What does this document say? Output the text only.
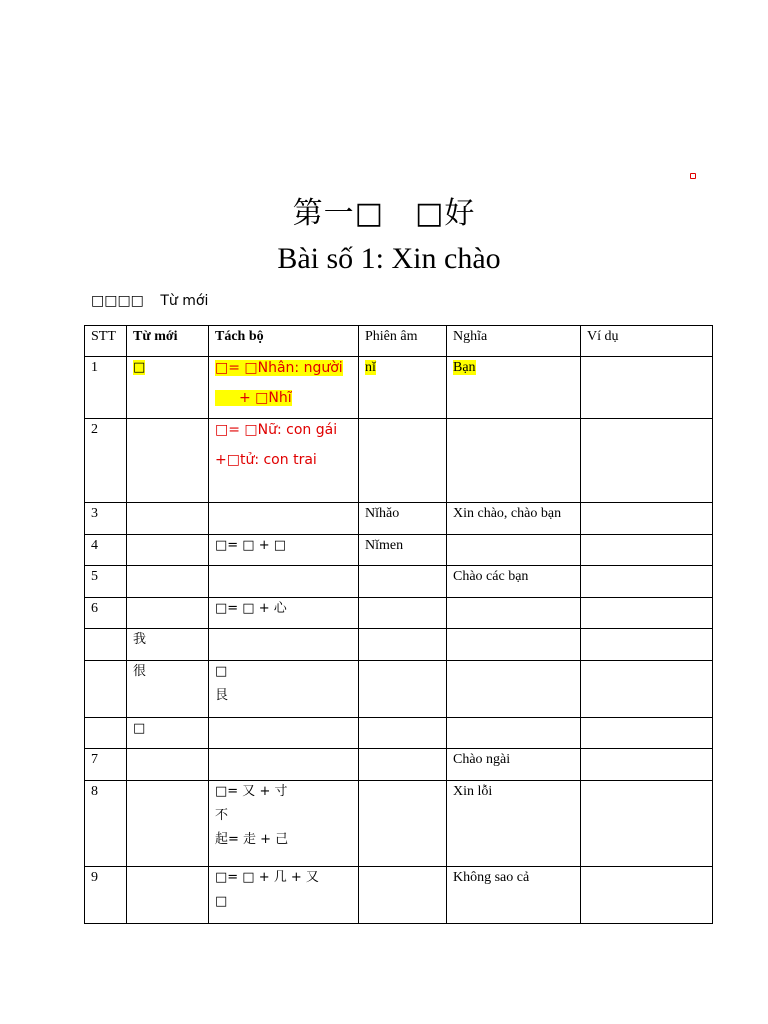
第一□　□好
Bài số 1: Xin chào
□□□□ Từ mới
STT	Từ mới	Tách bộ	Phiên âm	Nghĩa	Ví dụ
1	□	□= □Nhân: người
+ □Nhĩ	nǐ	Bạn	
2		□= □Nữ: con gái
+□tử: con trai			

3			Nǐhǎo	Xin chào, chào bạn	
4		□= □ + □	Nǐmen		
5				Chào các bạn	
6		□= □ + 心			
	我				
	很	□
艮			

	□				
7				Chào ngài	
8		□= 又 + 寸
不
起= 走 + 己		Xin lỗi	
9		□= □ + 几 + 又
□		Không sao cả	
